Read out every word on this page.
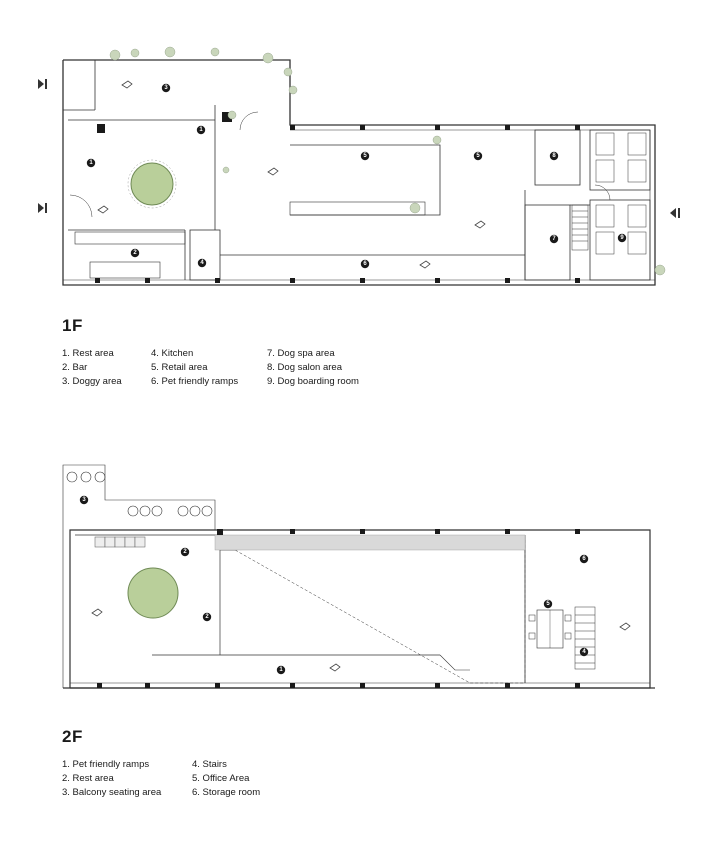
1
1
2
3
4
5	5
6
7
8
9
1F
1. Rest area
2. Bar
3. Doggy area
4. Kitchen
5. Retail area
6. Pet friendly ramps
7. Dog spa area
8. Dog salon area
9. Dog boarding room
1
2
2
3
4
5
6
2F
1. Pet friendly ramps
2. Rest area
3. Balcony seating area
4. Stairs
5. Office Area
6. Storage room
